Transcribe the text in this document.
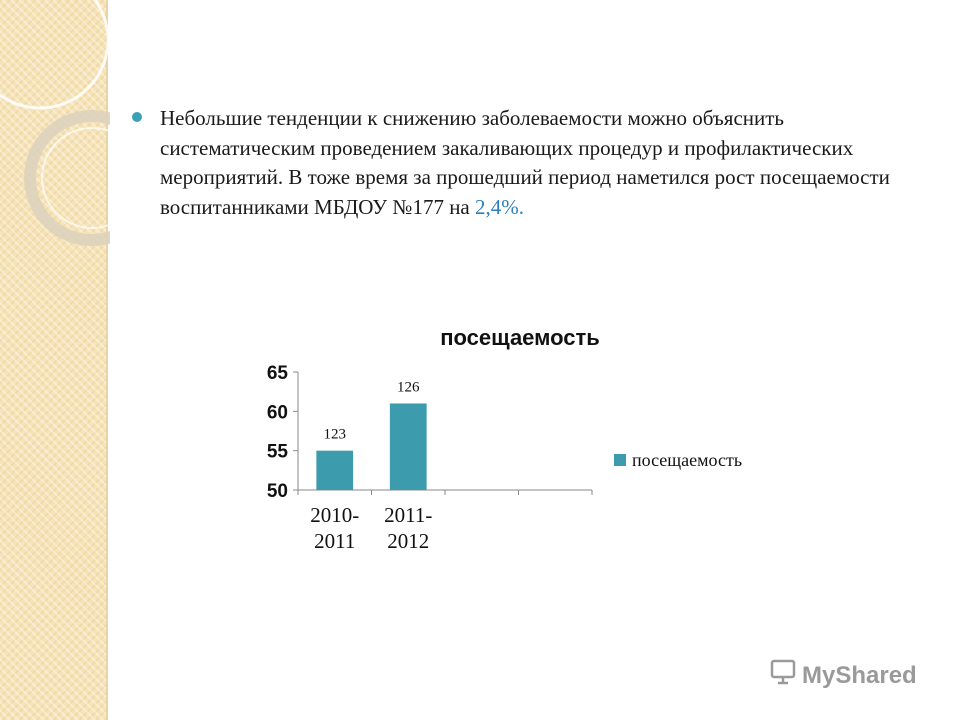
Небольшие тенденции к снижению заболеваемости можно объяснить систематическим проведением закаливающих процедур и профилактических мероприятий. В тоже время за прошедший период наметился рост посещаемости воспитанниками МБДОУ №177 на 2,4%.
посещаемость
50
55
60
65
2010-
2011
2011-
2012
123
126
посещаемость
MyShared
